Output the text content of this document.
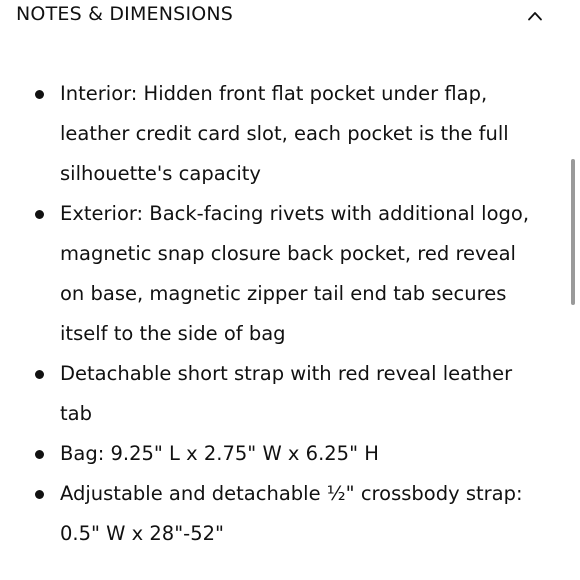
NOTES & DIMENSIONS
Interior: Hidden front flat pocket under flap, leather credit card slot, each pocket is the full silhouette's capacity
Exterior: Back-facing rivets with additional logo, magnetic snap closure back pocket, red reveal on base, magnetic zipper tail end tab secures itself to the side of bag
Detachable short strap with red reveal leather tab
Bag: 9.25" L x 2.75" W x 6.25" H
Adjustable and detachable ½" crossbody strap: 0.5" W x 28"-52"
